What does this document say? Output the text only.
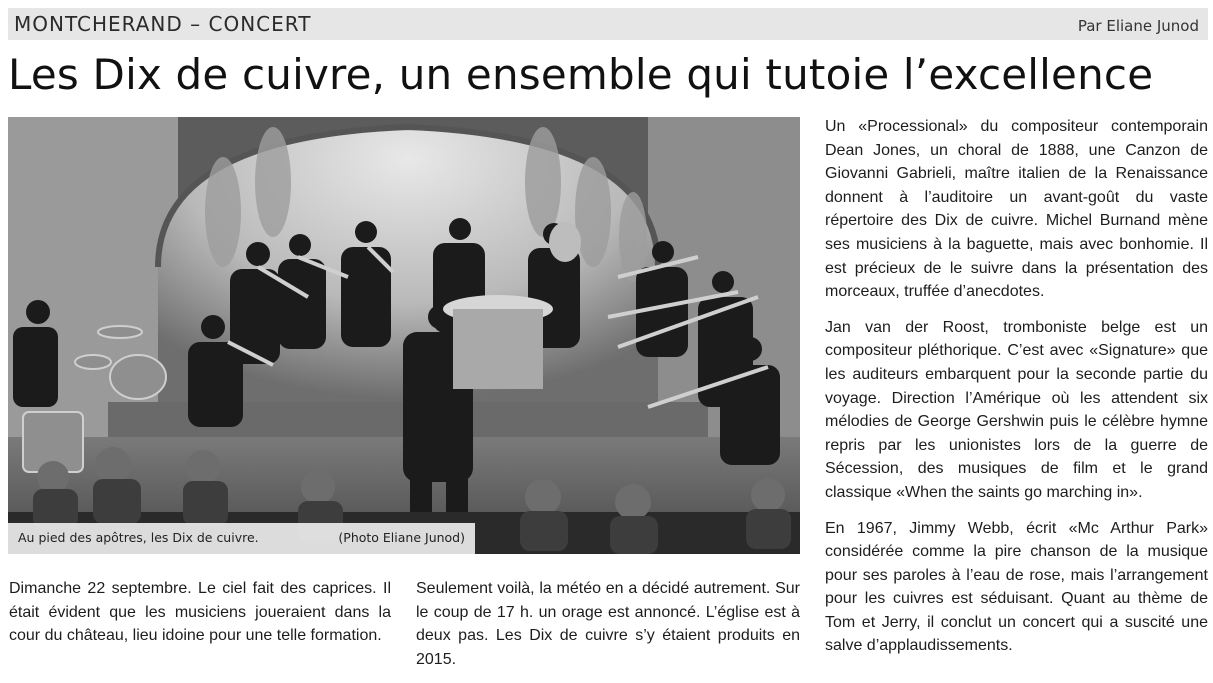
MONTCHERAND – CONCERT	Par Eliane Junod
Les Dix de cuivre, un ensemble qui tutoie l’excellence
Au pied des apôtres, les Dix de cuivre.	(Photo Eliane Junod)

Un «Processional» du compositeur contemporain Dean Jones, un choral de 1888, une Canzon de Giovanni Gabrieli, maître italien de la Renaissance donnent à l’auditoire un avant-goût du vaste répertoire des Dix de cuivre. Michel Burnand mène ses musiciens à la baguette, mais avec bonhomie. Il est précieux de le suivre dans la présentation des morceaux, truffée d’anecdotes.

Jan van der Roost, tromboniste belge est un compositeur pléthorique. C’est avec «Signature» que les auditeurs embarquent pour la seconde partie du voyage. Direction l’Amérique où les attendent six mélodies de George Gershwin puis le célèbre hymne repris par les unionistes lors de la guerre de Sécession, des musiques de film et le grand classique «When the saints go marching in».

En 1967, Jimmy Webb, écrit «Mc Arthur Park» considérée comme la pire chanson de la musique pour ses paroles à l’eau de rose, mais l’arrangement pour les cuivres est séduisant. Quant au thème de Tom et Jerry, il conclut un concert qui a suscité une salve d’applaudissements.

Dimanche 22 septembre. Le ciel fait des caprices. Il était évident que les musiciens joueraient dans la cour du château, lieu idoine pour une telle formation.

Seulement voilà, la météo en a décidé autrement. Sur le coup de 17 h. un orage est annoncé. L’église est à deux pas. Les Dix de cuivre s’y étaient produits en 2015.
